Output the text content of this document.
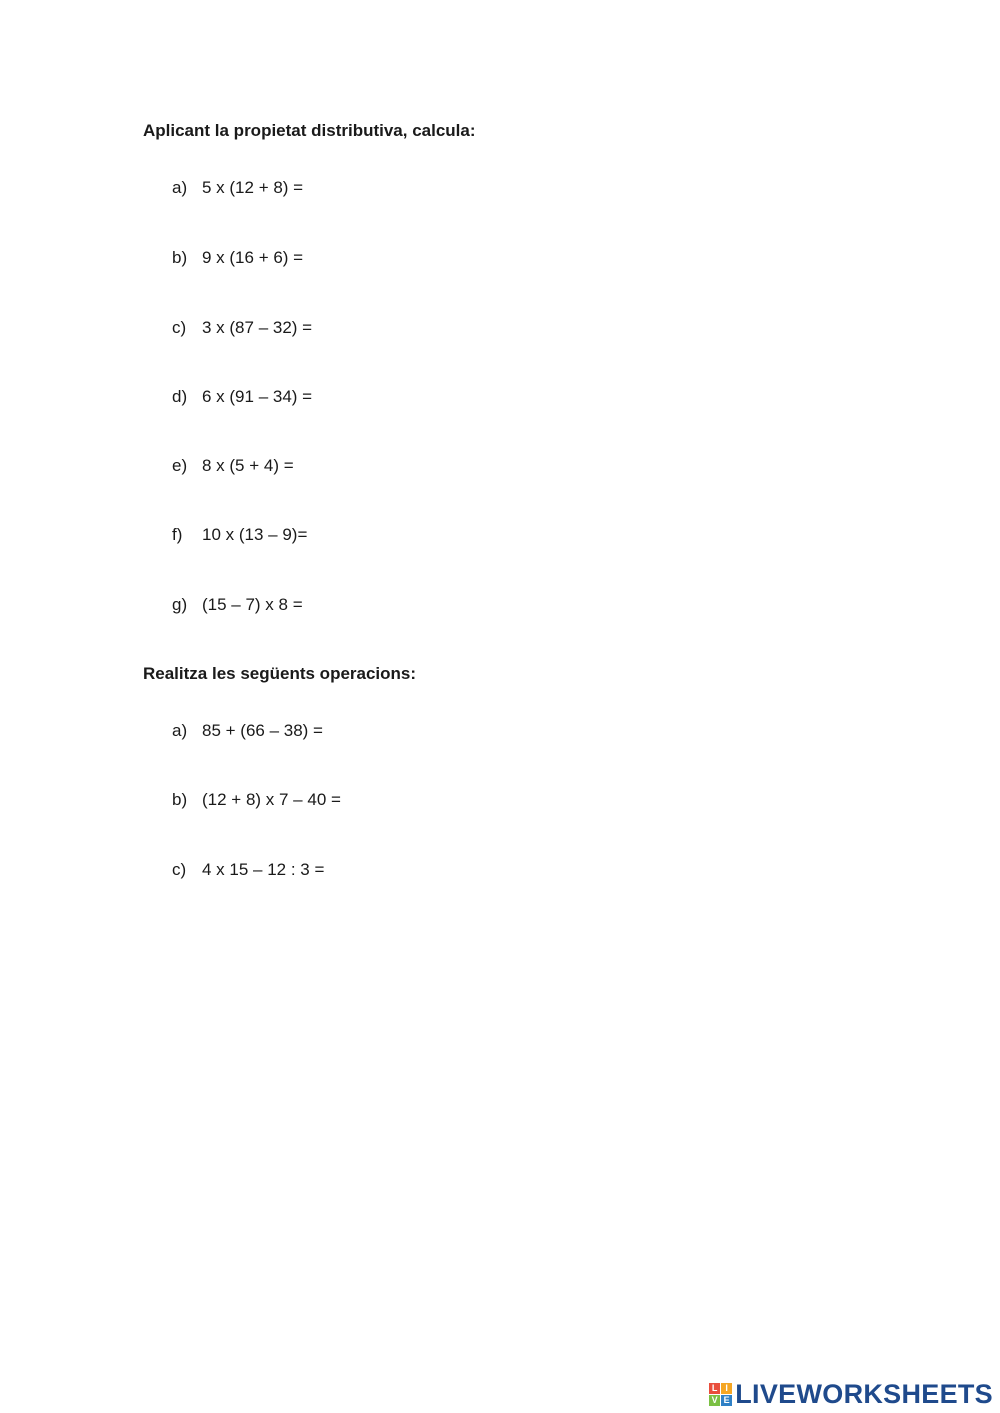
Aplicant la propietat distributiva, calcula:
a) 5 x (12 + 8) =
b) 9 x (16 + 6) =
c) 3 x (87 – 32) =
d) 6 x (91 – 34) =
e) 8 x (5 + 4) =
f) 10 x (13 – 9)=
g) (15 – 7) x 8 =
Realitza les següents operacions:
a) 85 + (66 – 38) =
b) (12 + 8) x 7 – 40 =
c) 4 x 15 – 12 : 3 =
L I
V E LIVEWORKSHEETS
